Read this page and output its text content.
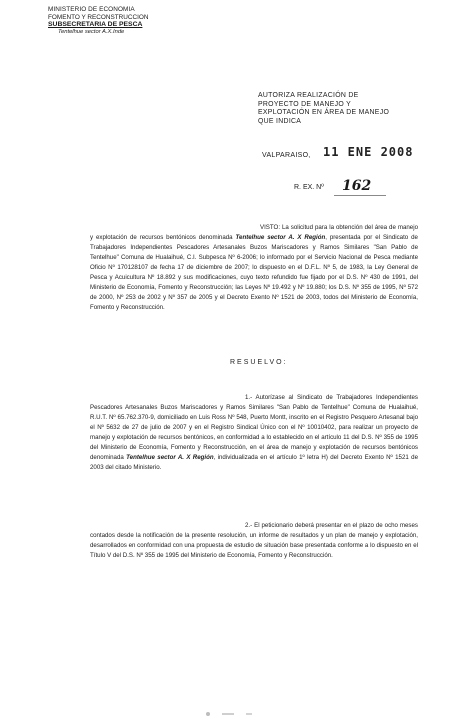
MINISTERIO DE ECONOMIA
FOMENTO Y RECONSTRUCCION
SUBSECRETARIA DE PESCA
Tentelhue sector A.X.Inde
AUTORIZA REALIZACIÓN DE
PROYECTO DE MANEJO Y
EXPLOTACIÓN EN ÁREA DE MANEJO
QUE INDICA
VALPARAISO, 11 ENE 2008
R. EX. Nº 162

VISTO: La solicitud para la obtención del área de manejo y explotación de recursos bentónicos denominada Tentelhue sector A. X Región, presentada por el Sindicato de Trabajadores Independientes Pescadores Artesanales Buzos Mariscadores y Ramos Similares "San Pablo de Tentelhue" Comuna de Hualaihué, C.I. Subpesca Nº 6-2006; lo informado por el Servicio Nacional de Pesca mediante Oficio Nº 170128107 de fecha 17 de diciembre de 2007; lo dispuesto en el D.F.L. Nº 5, de 1983, la Ley General de Pesca y Acuicultura Nº 18.892 y sus modificaciones, cuyo texto refundido fue fijado por el D.S. Nº 430 de 1991, del Ministerio de Economía, Fomento y Reconstrucción; las Leyes Nº 19.492 y Nº 19.880; los D.S. Nº 355 de 1995, Nº 572 de 2000, Nº 253 de 2002 y Nº 357 de 2005 y el Decreto Exento Nº 1521 de 2003, todos del Ministerio de Economía, Fomento y Reconstrucción.

RESUELVO:

1.- Autorízase al Sindicato de Trabajadores Independientes Pescadores Artesanales Buzos Mariscadores y Ramos Similares "San Pablo de Tentelhue" Comuna de Hualaihué, R.U.T. Nº 65.762.370-9, domiciliado en Luis Ross Nº 548, Puerto Montt, inscrito en el Registro Pesquero Artesanal bajo el Nº 5632 de 27 de julio de 2007 y en el Registro Sindical Único con el Nº 10010402, para realizar un proyecto de manejo y explotación de recursos bentónicos, en conformidad a lo establecido en el artículo 11 del D.S. Nº 355 de 1995 del Ministerio de Economía, Fomento y Reconstrucción, en el área de manejo y explotación de recursos bentónicos denominada Tentelhue sector A. X Región, individualizada en el artículo 1º letra H) del Decreto Exento Nº 1521 de 2003 del citado Ministerio.

2.- El peticionario deberá presentar en el plazo de ocho meses contados desde la notificación de la presente resolución, un informe de resultados y un plan de manejo y explotación, desarrollados en conformidad con una propuesta de estudio de situación base presentada conforme a lo dispuesto en el Título V del D.S. Nº 355 de 1995 del Ministerio de Economía, Fomento y Reconstrucción.
